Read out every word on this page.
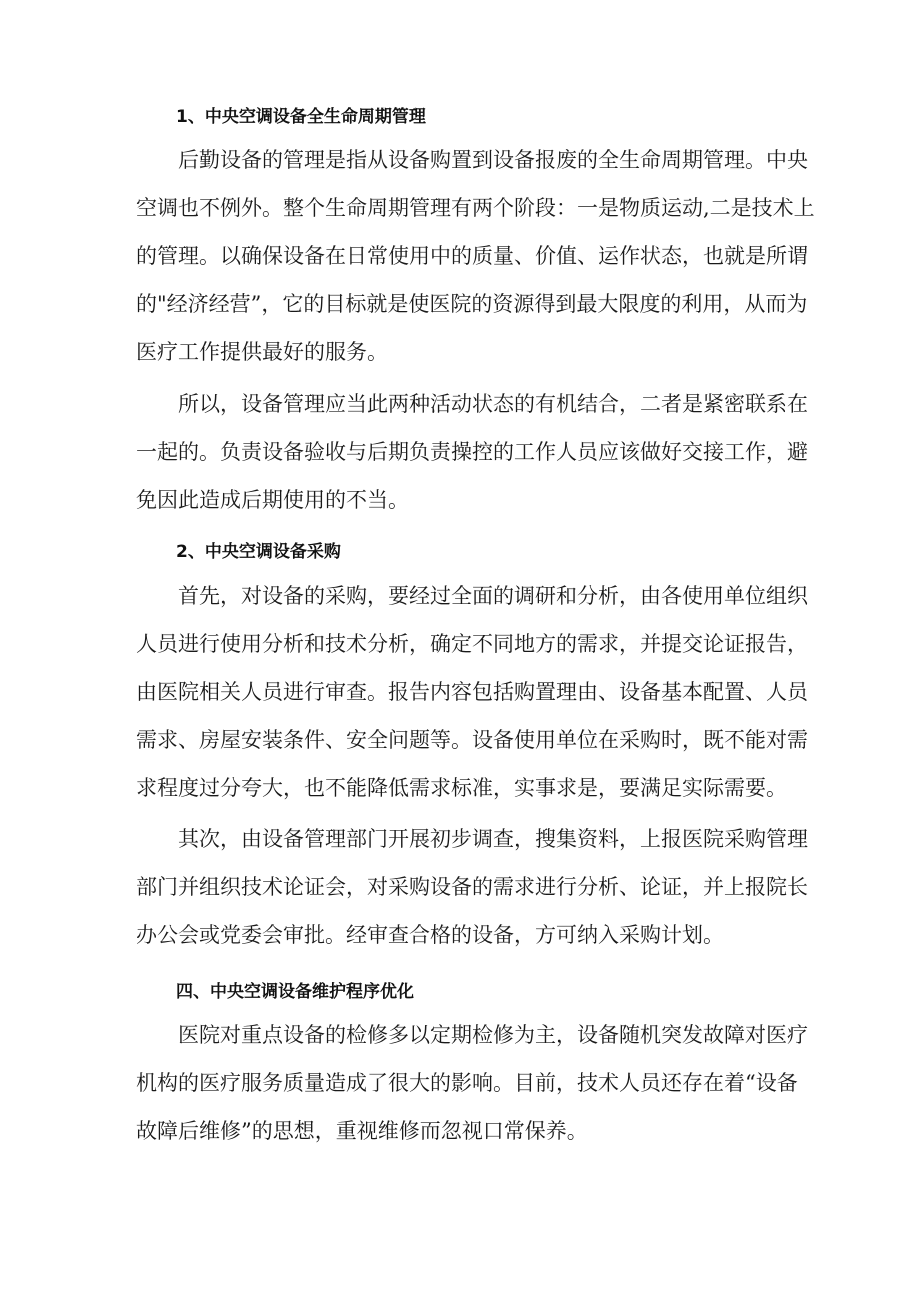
1、中央空调设备全生命周期管理
后勤设备的管理是指从设备购置到设备报废的全生命周期管理。中央
空调也不例外。整个生命周期管理有两个阶段：一是物质运动,二是技术上
的管理。以确保设备在日常使用中的质量、价值、运作状态，也就是所谓
的"经济经营”，它的目标就是使医院的资源得到最大限度的利用，从而为
医疗工作提供最好的服务。
所以，设备管理应当此两种活动状态的有机结合，二者是紧密联系在
一起的。负责设备验收与后期负责操控的工作人员应该做好交接工作，避
免因此造成后期使用的不当。
2、中央空调设备采购
首先，对设备的采购，要经过全面的调研和分析，由各使用单位组织
人员进行使用分析和技术分析，确定不同地方的需求，并提交论证报告，
由医院相关人员进行审查。报告内容包括购置理由、设备基本配置、人员
需求、房屋安装条件、安全问题等。设备使用单位在采购时，既不能对需
求程度过分夸大，也不能降低需求标准，实事求是，要满足实际需要。
其次，由设备管理部门开展初步调查，搜集资料，上报医院采购管理
部门并组织技术论证会，对采购设备的需求进行分析、论证，并上报院长
办公会或党委会审批。经审查合格的设备，方可纳入采购计划。
四、中央空调设备维护程序优化
医院对重点设备的检修多以定期检修为主，设备随机突发故障对医疗
机构的医疗服务质量造成了很大的影响。目前，技术人员还存在着“设备
故障后维修”的思想，重视维修而忽视口常保养。
